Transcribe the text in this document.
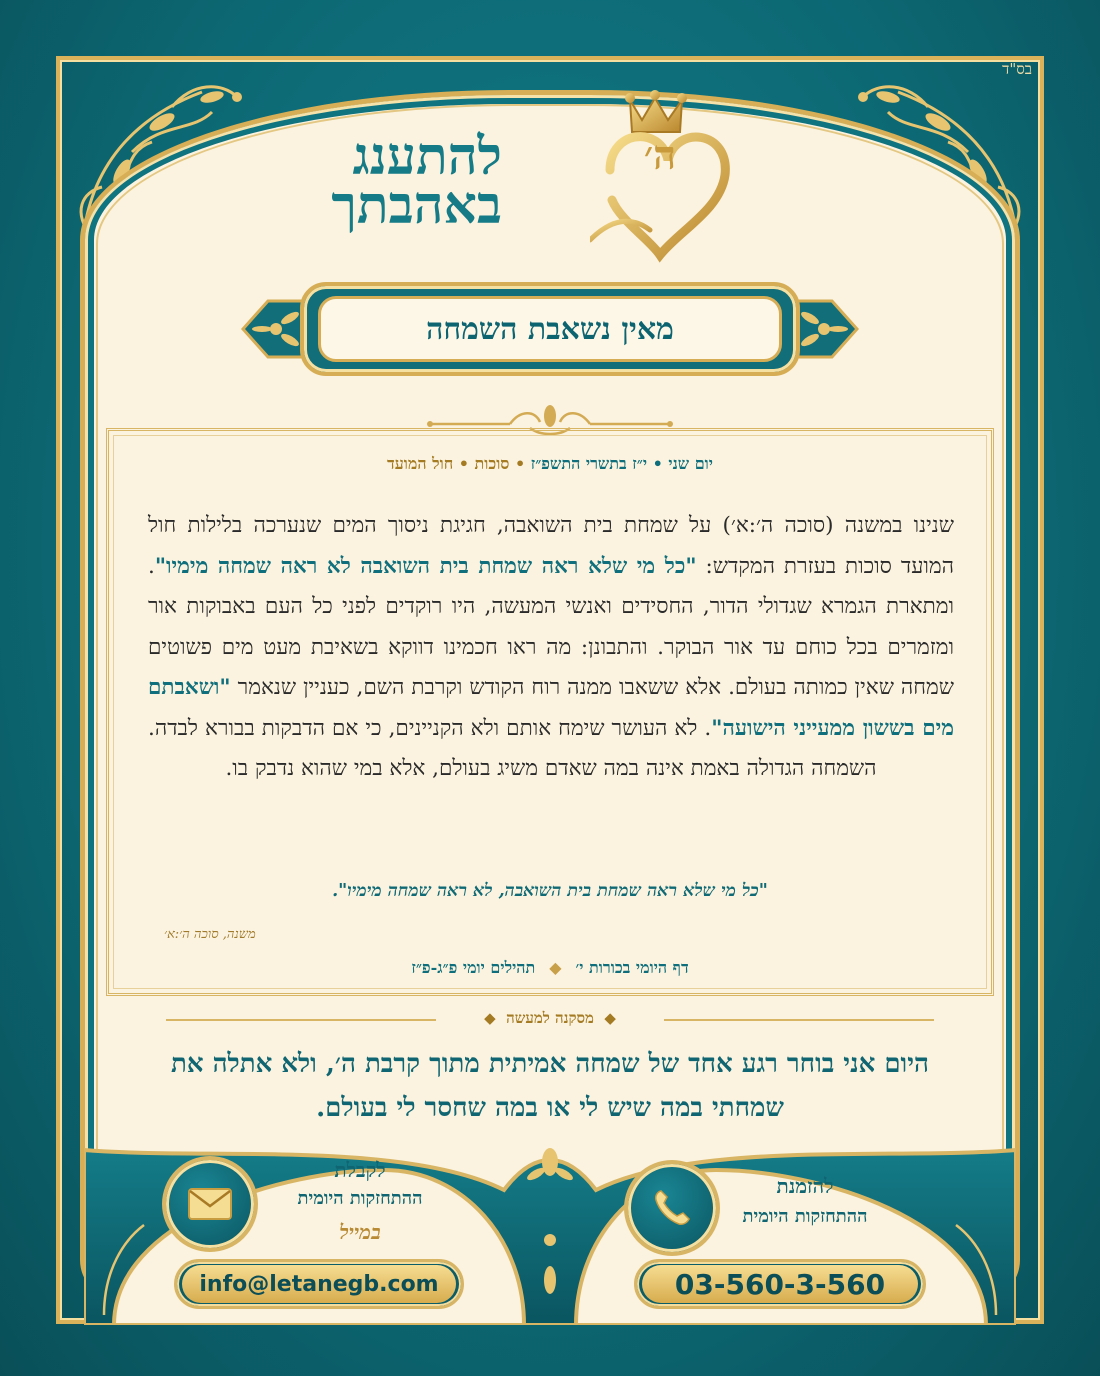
בס"ד
ה׳
להתענג
באהבתך
מאין נשאבת השמחה
יום שני • י״ז בתשרי התשפ״ז • סוכות • חול המועד
שנינו במשנה (סוכה ה׳:א׳) על שמחת בית השואבה, חגיגת ניסוך המים שנערכה בלילות חול המועד סוכות בעזרת המקדש: "כל מי שלא ראה שמחת בית השואבה לא ראה שמחה מימיו". ומתארת הגמרא שגדולי הדור, החסידים ואנשי המעשה, היו רוקדים לפני כל העם באבוקות אור ומזמרים בכל כוחם עד אור הבוקר. והתבונן: מה ראו חכמינו דווקא בשאיבת מעט מים פשוטים שמחה שאין כמותה בעולם. אלא ששאבו ממנה רוח הקודש וקרבת השם, כעניין שנאמר "ושאבתם מים בששון ממעייני הישועה". לא העושר שימח אותם ולא הקניינים, כי אם הדבקות בבורא לבדה. השמחה הגדולה באמת אינה במה שאדם משיג בעולם, אלא במי שהוא נדבק בו.
"כל מי שלא ראה שמחת בית השואבה, לא ראה שמחה מימיו".
משנה, סוכה ה׳:א׳
דף היומי בכורות י׳◆תהילים יומי פ״ג-פ״ז
◆  מסקנה למעשה  ◆
היום אני בוחר רגע אחד של שמחה אמיתית מתוך קרבת ה׳, ולא אתלה את שמחתי במה שיש לי או במה שחסר לי בעולם.
לקבלת
ההתחזקות היומית
במייל
info@letanegb.com
להזמנת
ההתחזקות היומית
03-560-3-560
